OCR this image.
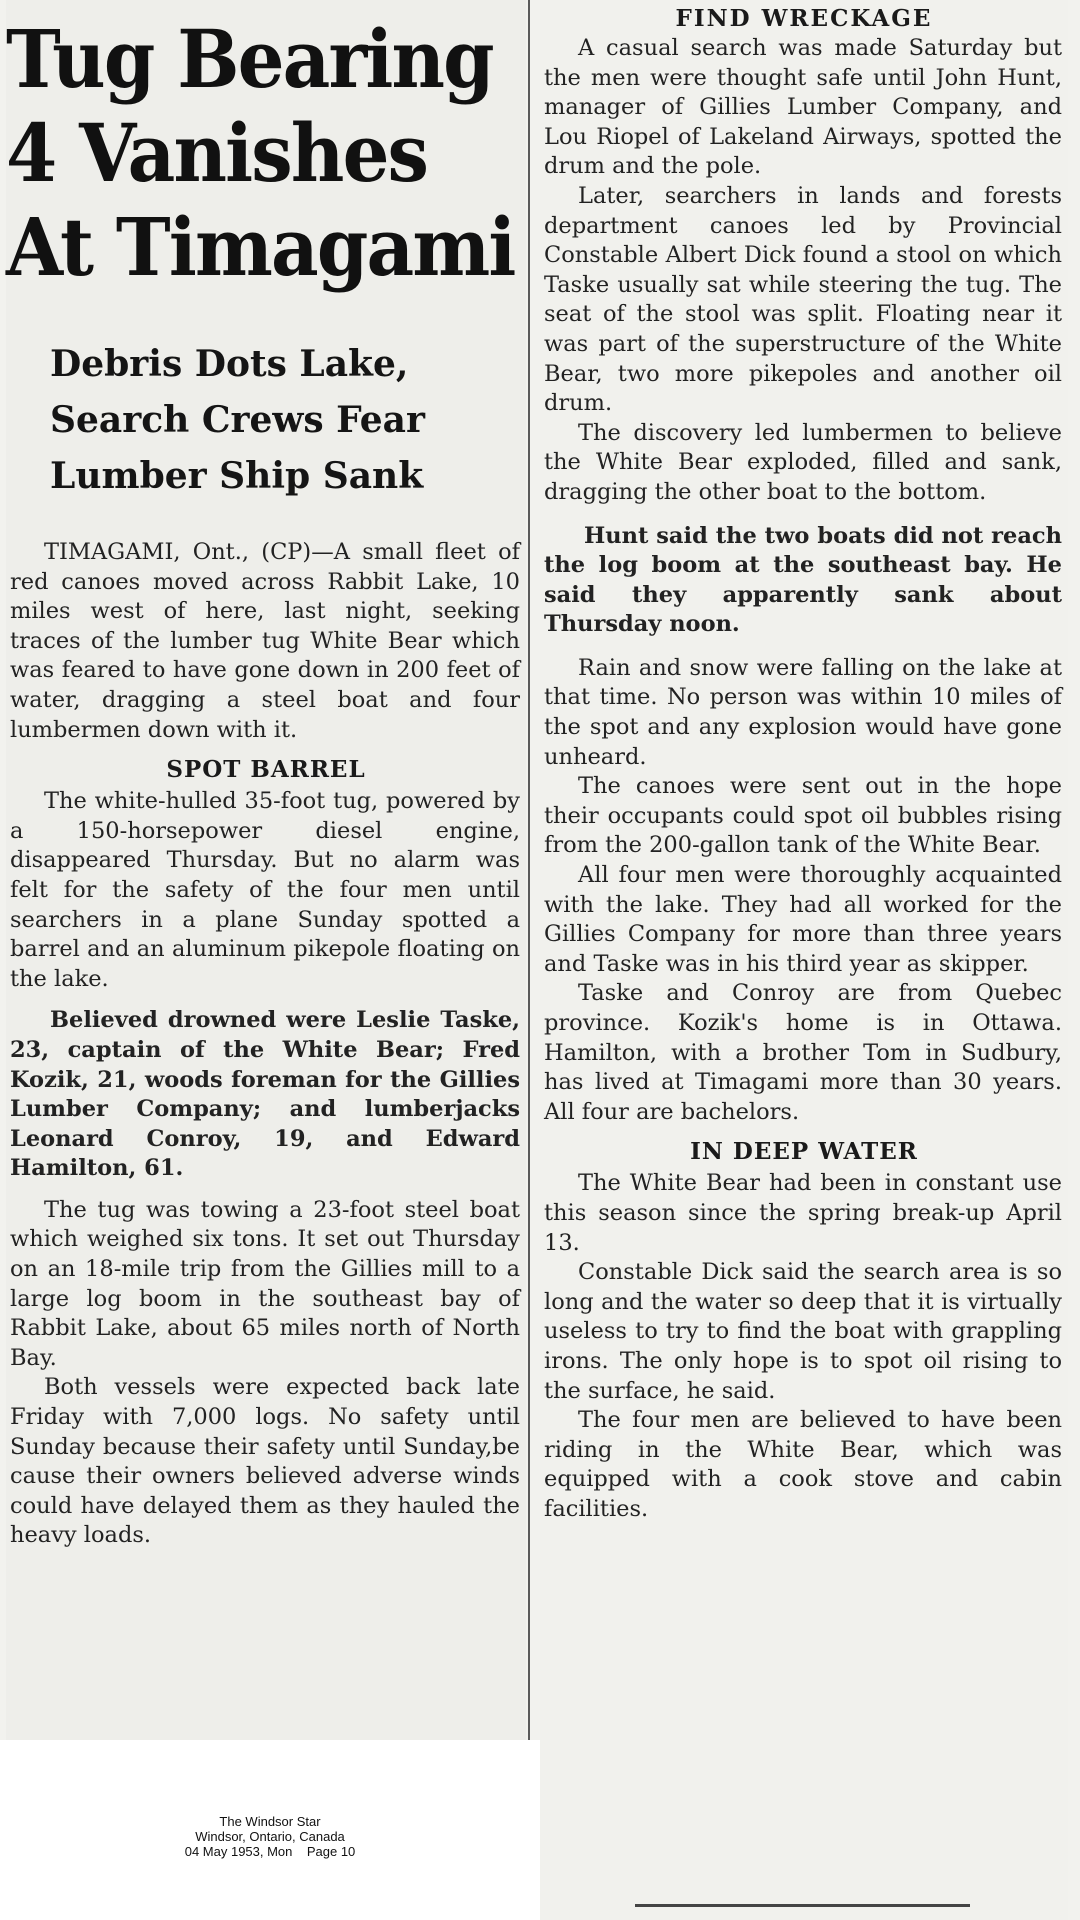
Tug Bearing
4 Vanishes
At Timagami
Debris Dots Lake,
Search Crews Fear
Lumber Ship Sank

TIMAGAMI, Ont., (CP)—A small fleet of red canoes moved across Rabbit Lake, 10 miles west of here, last night, seeking traces of the lumber tug White Bear which was feared to have gone down in 200 feet of water, dragging a steel boat and four lumbermen down with it.

SPOT BARREL

The white-hulled 35-foot tug, powered by a 150-horsepower diesel engine, disappeared Thursday. But no alarm was felt for the safety of the four men until searchers in a plane Sunday spotted a barrel and an aluminum pikepole floating on the lake.

Believed drowned were Leslie Taske, 23, captain of the White Bear; Fred Kozik, 21, woods foreman for the Gillies Lumber Company; and lumberjacks Leonard Conroy, 19, and Edward Hamilton, 61.

The tug was towing a 23-foot steel boat which weighed six tons. It set out Thursday on an 18-mile trip from the Gillies mill to a large log boom in the southeast bay of Rabbit Lake, about 65 miles north of North Bay.

Both vessels were expected back late Friday with 7,000 logs. No safety until Sunday because their safety until Sunday,be cause their owners believed adverse winds could have delayed them as they hauled the heavy loads.

FIND WRECKAGE

A casual search was made Saturday but the men were thought safe until John Hunt, manager of Gillies Lumber Company, and Lou Riopel of Lakeland Airways, spotted the drum and the pole.

Later, searchers in lands and forests department canoes led by Provincial Constable Albert Dick found a stool on which Taske usually sat while steering the tug. The seat of the stool was split. Floating near it was part of the superstructure of the White Bear, two more pikepoles and another oil drum.

The discovery led lumbermen to believe the White Bear exploded, filled and sank, dragging the other boat to the bottom.

Hunt said the two boats did not reach the log boom at the southeast bay. He said they apparently sank about Thursday noon.

Rain and snow were falling on the lake at that time. No person was within 10 miles of the spot and any explosion would have gone unheard.

The canoes were sent out in the hope their occupants could spot oil bubbles rising from the 200-gallon tank of the White Bear.

All four men were thoroughly acquainted with the lake. They had all worked for the Gillies Company for more than three years and Taske was in his third year as skipper.

Taske and Conroy are from Quebec province. Kozik's home is in Ottawa. Hamilton, with a brother Tom in Sudbury, has lived at Timagami more than 30 years. All four are bachelors.

IN DEEP WATER

The White Bear had been in constant use this season since the spring break-up April 13.

Constable Dick said the search area is so long and the water so deep that it is virtually useless to try to find the boat with grappling irons. The only hope is to spot oil rising to the surface, he said.

The four men are believed to have been riding in the White Bear, which was equipped with a cook stove and cabin facilities.

The Windsor Star
Windsor, Ontario, Canada
04 May 1953, Mon    Page 10
